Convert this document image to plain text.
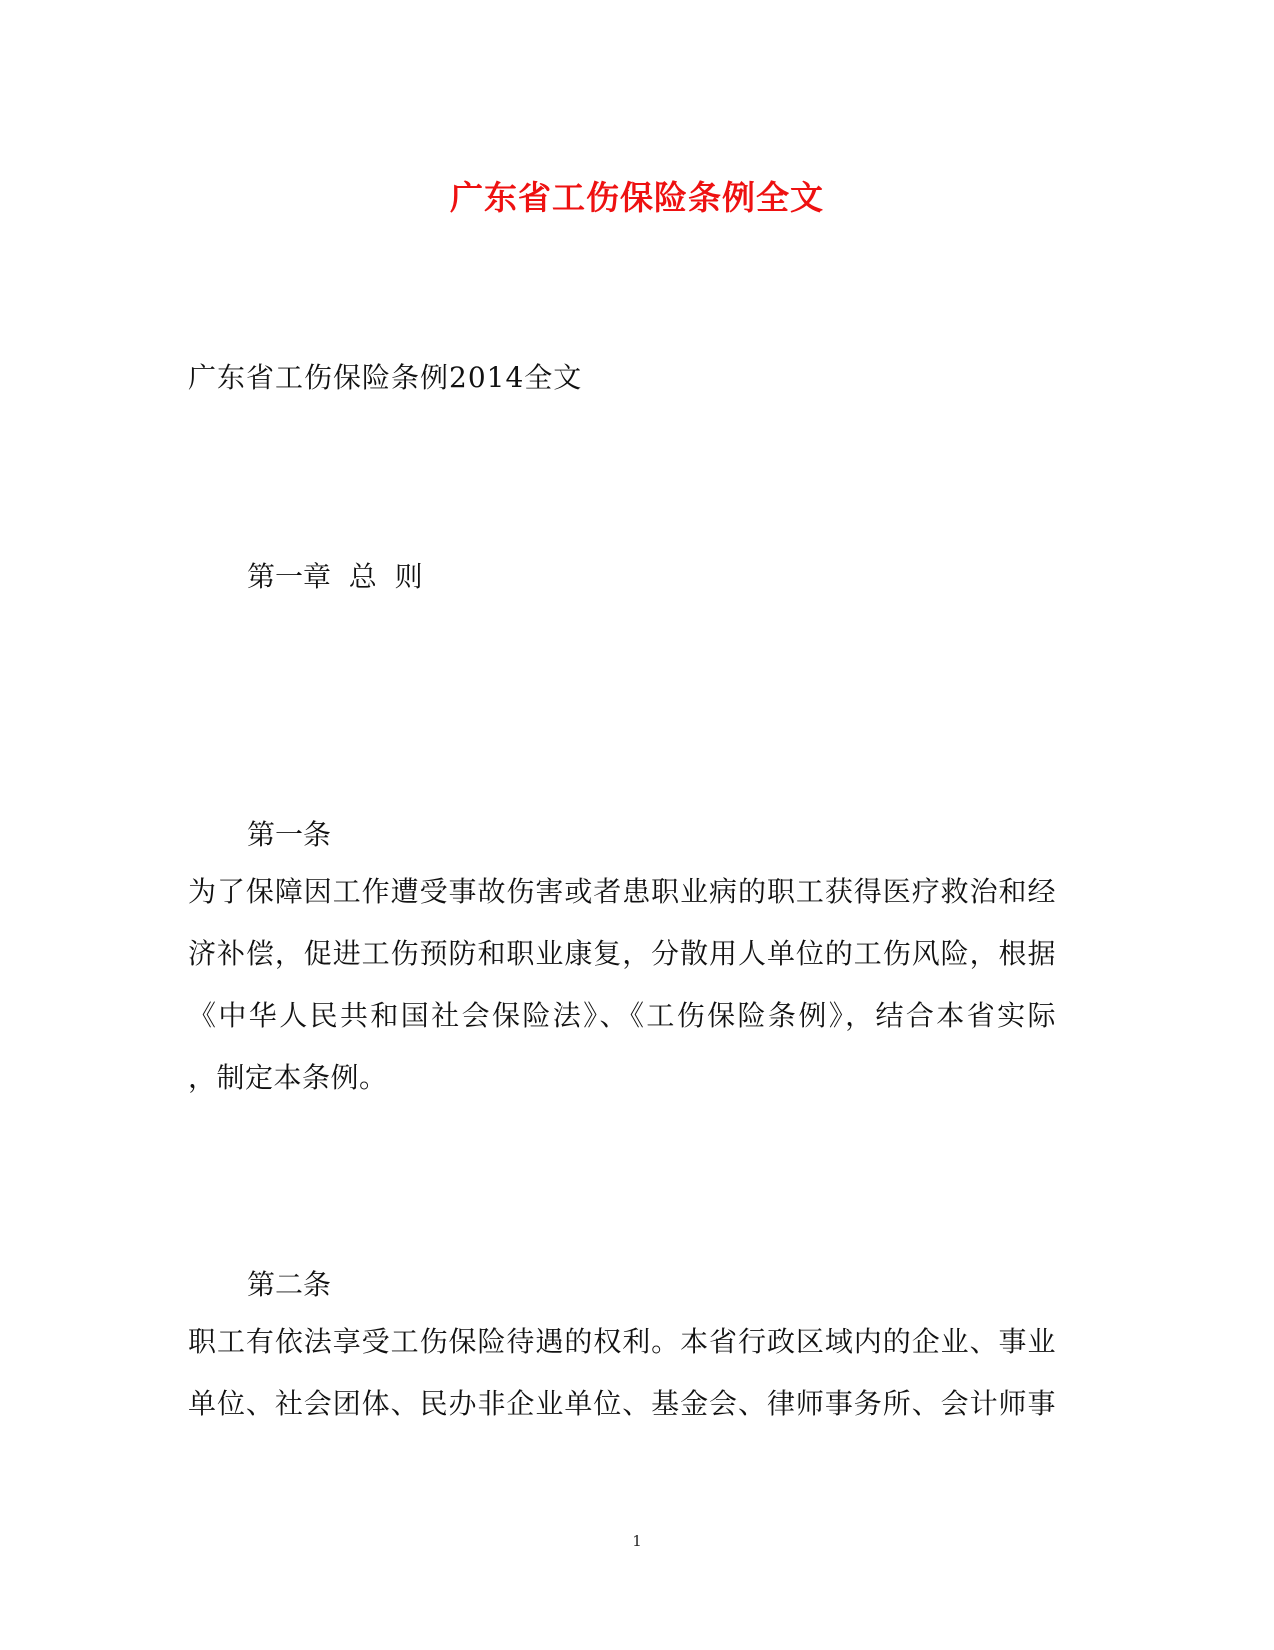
广东省工伤保险条例全文
广东省工伤保险条例2014全文
第一章  总  则
第一条
为了保障因工作遭受事故伤害或者患职业病的职工获得医疗救治和经
济补偿，促进工伤预防和职业康复，分散用人单位的工伤风险，根据
《中华人民共和国社会保险法》、《工伤保险条例》，结合本省实际
，制定本条例。
第二条
职工有依法享受工伤保险待遇的权利。本省行政区域内的企业、事业
单位、社会团体、民办非企业单位、基金会、律师事务所、会计师事
1
